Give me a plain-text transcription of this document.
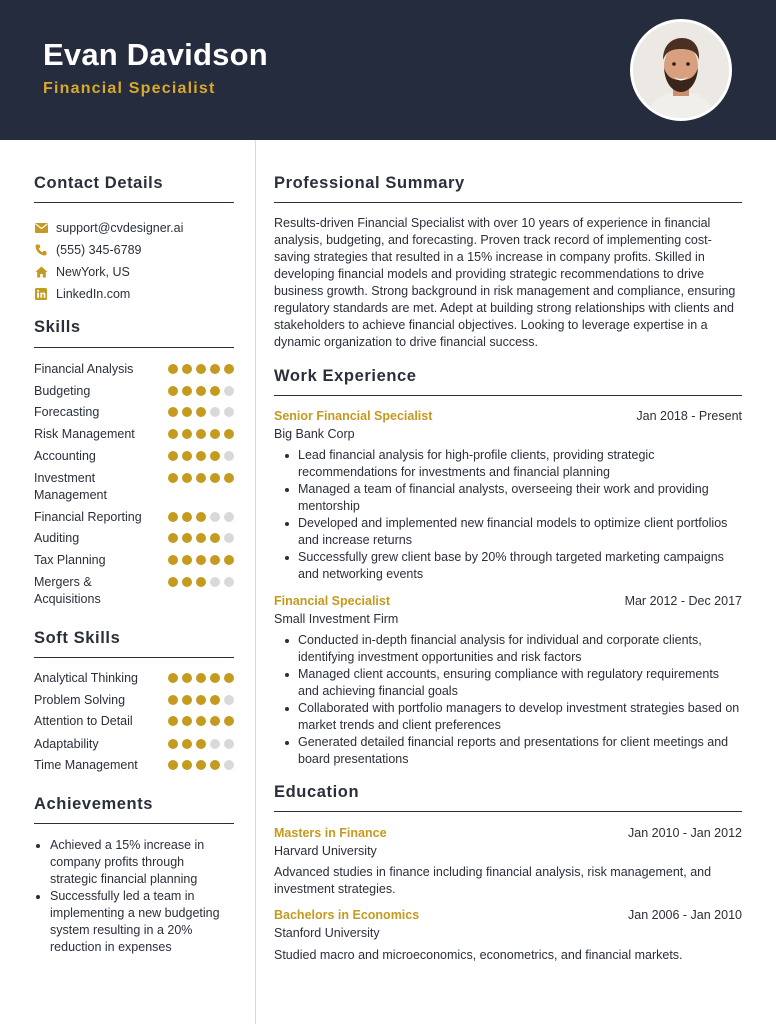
Evan Davidson
Financial Specialist
Contact Details
support@cvdesigner.ai
(555) 345-6789
NewYork, US
LinkedIn.com
Skills
Financial Analysis
Budgeting
Forecasting
Risk Management
Accounting
Investment Management
Financial Reporting
Auditing
Tax Planning
Mergers & Acquisitions
Soft Skills
Analytical Thinking
Problem Solving
Attention to Detail
Adaptability
Time Management
Achievements
Achieved a 15% increase in company profits through strategic financial planning
Successfully led a team in implementing a new budgeting system resulting in a 20% reduction in expenses
Professional Summary
Results-driven Financial Specialist with over 10 years of experience in financial analysis, budgeting, and forecasting. Proven track record of implementing cost-saving strategies that resulted in a 15% increase in company profits. Skilled in developing financial models and providing strategic recommendations to drive business growth. Strong background in risk management and compliance, ensuring regulatory standards are met. Adept at building strong relationships with clients and stakeholders to achieve financial objectives. Looking to leverage expertise in a dynamic organization to drive financial success.
Work Experience
Senior Financial Specialist	Jan 2018 - Present
Big Bank Corp
Lead financial analysis for high-profile clients, providing strategic recommendations for investments and financial planning
Managed a team of financial analysts, overseeing their work and providing mentorship
Developed and implemented new financial models to optimize client portfolios and increase returns
Successfully grew client base by 20% through targeted marketing campaigns and networking events
Financial Specialist	Mar 2012 - Dec 2017
Small Investment Firm
Conducted in-depth financial analysis for individual and corporate clients, identifying investment opportunities and risk factors
Managed client accounts, ensuring compliance with regulatory requirements and achieving financial goals
Collaborated with portfolio managers to develop investment strategies based on market trends and client preferences
Generated detailed financial reports and presentations for client meetings and board presentations
Education
Masters in Finance	Jan 2010 - Jan 2012
Harvard University
Advanced studies in finance including financial analysis, risk management, and investment strategies.
Bachelors in Economics	Jan 2006 - Jan 2010
Stanford University
Studied macro and microeconomics, econometrics, and financial markets.
